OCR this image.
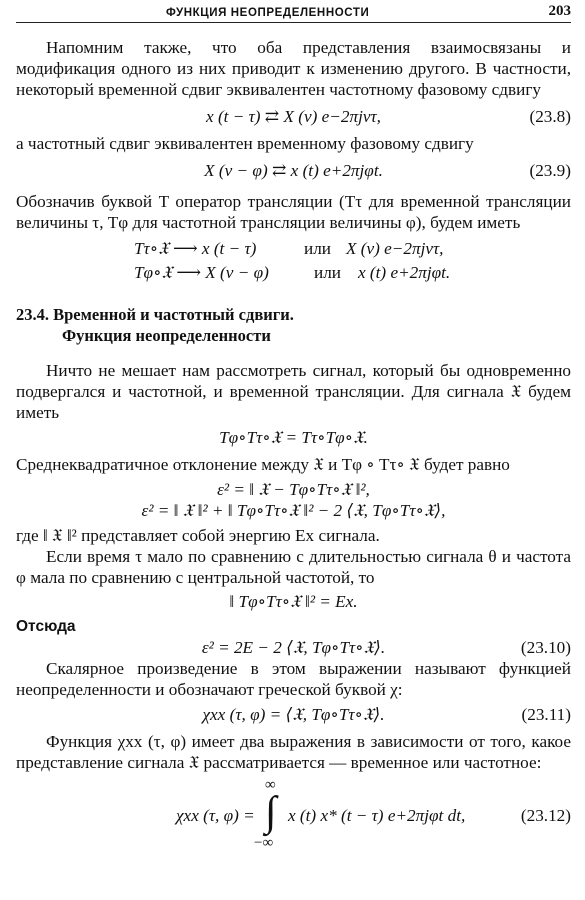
ФУНКЦИЯ НЕОПРЕДЕЛЕННОСТИ	203

Напомним также, что оба представления взаимосвязаны и модификация одного из них приводит к изменению другого. В частности, некоторый временной сдвиг эквивалентен частотному фазовому сдвигу

x (t − τ) ⇄ X (ν) e−2πjντ,	(23.8)

а частотный сдвиг эквивалентен временному фазовому сдвигу

X (ν − φ) ⇄ x (t) e+2πjφt.	(23.9)

Обозначив буквой T оператор трансляции (Tτ для временной трансляции величины τ, Tφ для частотной трансляции величины φ), будем иметь

Tτ∘𝔛 ⟶ x (t − τ)	или X (ν) e−2πjντ,
Tφ∘𝔛 ⟶ X (ν − φ)	или x (t) e+2πjφt.
23.4. Временной и частотный сдвиги.
Функция неопределенности

Ничто не мешает нам рассмотреть сигнал, который бы одновременно подвергался и частотной, и временной трансляции. Для сигнала 𝔛 будем иметь

Tφ∘Tτ∘𝔛 = Tτ∘Tφ∘𝔛.

Среднеквадратичное отклонение между 𝔛 и Tφ ∘ Tτ∘ 𝔛 будет равно

ε² = ‖ 𝔛 − Tφ∘Tτ∘𝔛 ‖²,
ε² = ‖ 𝔛 ‖² + ‖ Tφ∘Tτ∘𝔛 ‖² − 2 ⟨𝔛, Tφ∘Tτ∘𝔛⟩,

где ‖ 𝔛 ‖² представляет собой энергию Ex сигнала.

Если время τ мало по сравнению с длительностью сигнала θ и частота φ мала по сравнению с центральной частотой, то

‖ Tφ∘Tτ∘𝔛 ‖² = Ex.

Отсюда

ε² = 2E − 2 ⟨𝔛, Tφ∘Tτ∘𝔛⟩.	(23.10)

Скалярное произведение в этом выражении называют функцией неопределенности и обозначают греческой буквой χ:

χxx (τ, φ) = ⟨𝔛, Tφ∘Tτ∘𝔛⟩.	(23.11)

Функция χxx (τ, φ) имеет два выражения в зависимости от того, какое представление сигнала 𝔛 рассматривается — временное или частотное:

χxx (τ, φ) =
∞
∫
−∞
x (t) x* (t − τ) e+2πjφt dt,	(23.12)
